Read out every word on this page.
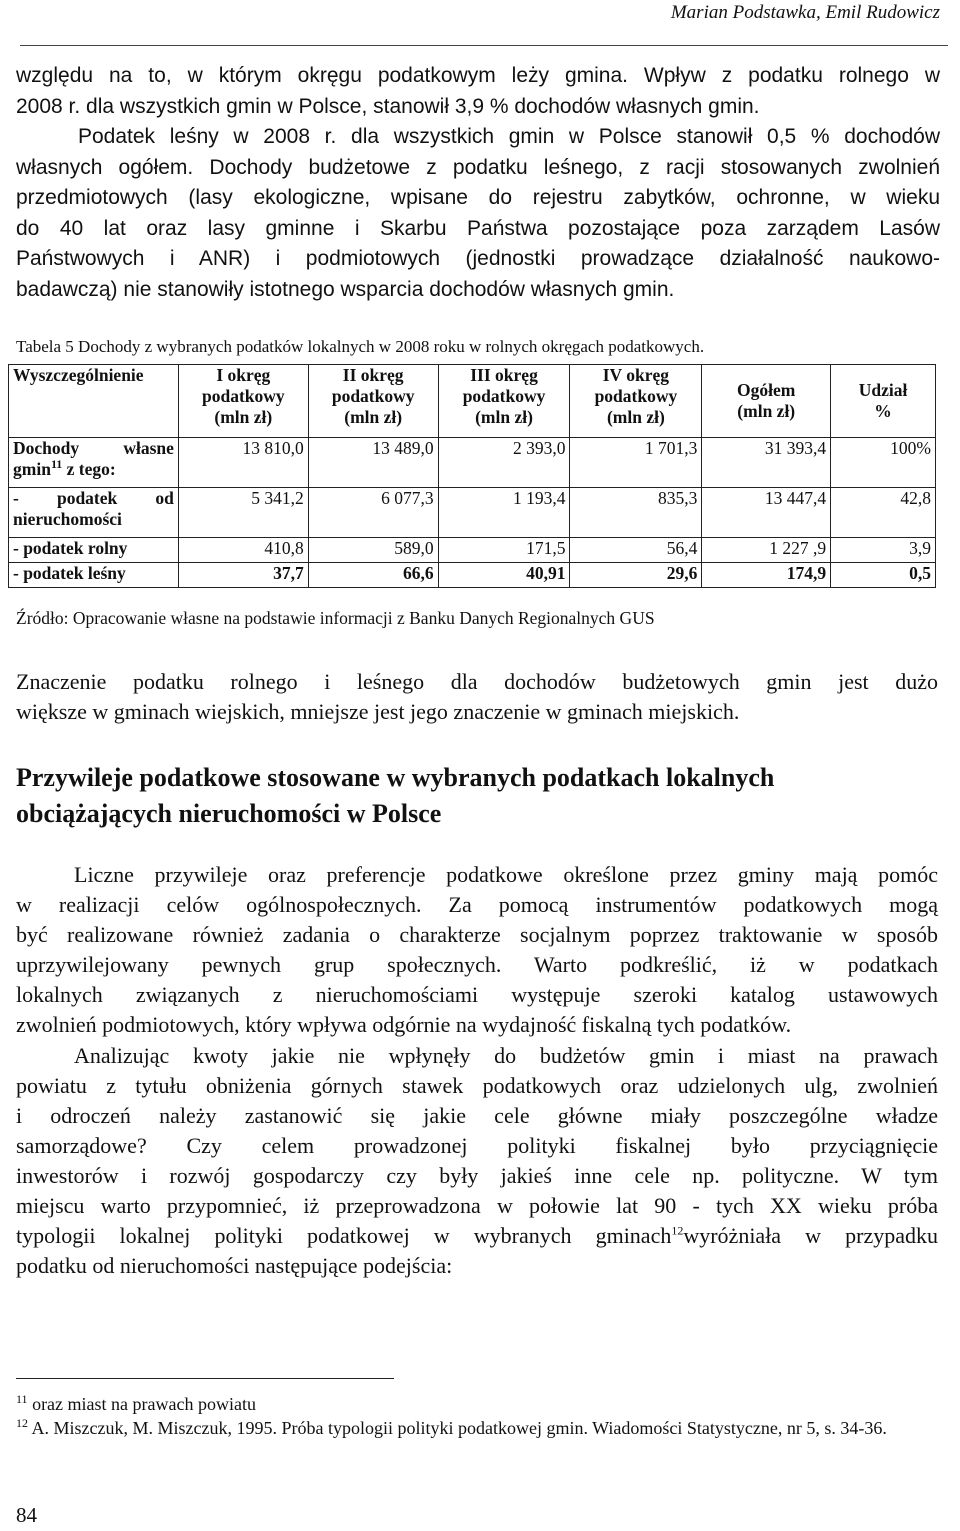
Marian Podstawka, Emil Rudowicz
względu na to, w którym okręgu podatkowym leży gmina. Wpływ z podatku rolnego w
2008 r. dla wszystkich gmin w Polsce, stanowił 3,9 % dochodów własnych gmin.
Podatek leśny w 2008 r. dla wszystkich gmin w Polsce stanowił 0,5 % dochodów
własnych ogółem. Dochody budżetowe z podatku leśnego, z racji stosowanych zwolnień
przedmiotowych (lasy ekologiczne, wpisane do rejestru zabytków, ochronne, w wieku
do 40 lat oraz lasy gminne i Skarbu Państwa pozostające poza zarządem Lasów
Państwowych i ANR) i podmiotowych (jednostki prowadzące działalność naukowo-
badawczą) nie stanowiły istotnego wsparcia dochodów własnych gmin.
Tabela 5 Dochody z wybranych podatków lokalnych w 2008 roku w rolnych okręgach podatkowych.
Wyszczególnienie	I okręg
podatkowy
(mln zł)	II okręg
podatkowy
(mln zł)	III okręg
podatkowy
(mln zł)	IV okręg
podatkowy
(mln zł)	Ogółem
(mln zł)	Udział
%

Dochody własne
gmin$^{11}$ z tego:	13 810,0	13 489,0	2 393,0	1 701,3	31 393,4	100%

- podatek od
nieruchomości	5 341,2	6 077,3	1 193,4	835,3	13 447,4	42,8
- podatek rolny	410,8	589,0	171,5	56,4	1 227 ,9	3,9
- podatek leśny	37,7	66,6	40,91	29,6	174,9	0,5
Źródło: Opracowanie własne na podstawie informacji z Banku Danych Regionalnych GUS
Znaczenie podatku rolnego i leśnego dla dochodów budżetowych gmin jest dużo
większe w gminach wiejskich, mniejsze jest jego znaczenie w gminach miejskich.
Przywileje podatkowe stosowane w wybranych podatkach lokalnych
obciążających nieruchomości w Polsce
Liczne przywileje oraz preferencje podatkowe określone przez gminy mają pomóc
w realizacji celów ogólnospołecznych. Za pomocą instrumentów podatkowych mogą
być realizowane również zadania o charakterze socjalnym poprzez traktowanie w sposób
uprzywilejowany pewnych grup społecznych. Warto podkreślić, iż w podatkach
lokalnych związanych z nieruchomościami występuje szeroki katalog ustawowych
zwolnień podmiotowych, który wpływa odgórnie na wydajność fiskalną tych podatków.
Analizując kwoty jakie nie wpłynęły do budżetów gmin i miast na prawach
powiatu z tytułu obniżenia górnych stawek podatkowych oraz udzielonych ulg, zwolnień
i odroczeń należy zastanowić się jakie cele główne miały poszczególne władze
samorządowe? Czy celem prowadzonej polityki fiskalnej było przyciągnięcie
inwestorów i rozwój gospodarczy czy były jakieś inne cele np. polityczne. W tym
miejscu warto przypomnieć, iż przeprowadzona w połowie lat 90 - tych XX wieku próba
typologii lokalnej polityki podatkowej w wybranych gminach$^{12}$wyróżniała w przypadku
podatku od nieruchomości następujące podejścia:
$^{11}$ oraz miast na prawach powiatu
$^{12}$ A. Miszczuk, M. Miszczuk, 1995. Próba typologii polityki podatkowej gmin. Wiadomości Statystyczne, nr 5, s. 34-36.
84
